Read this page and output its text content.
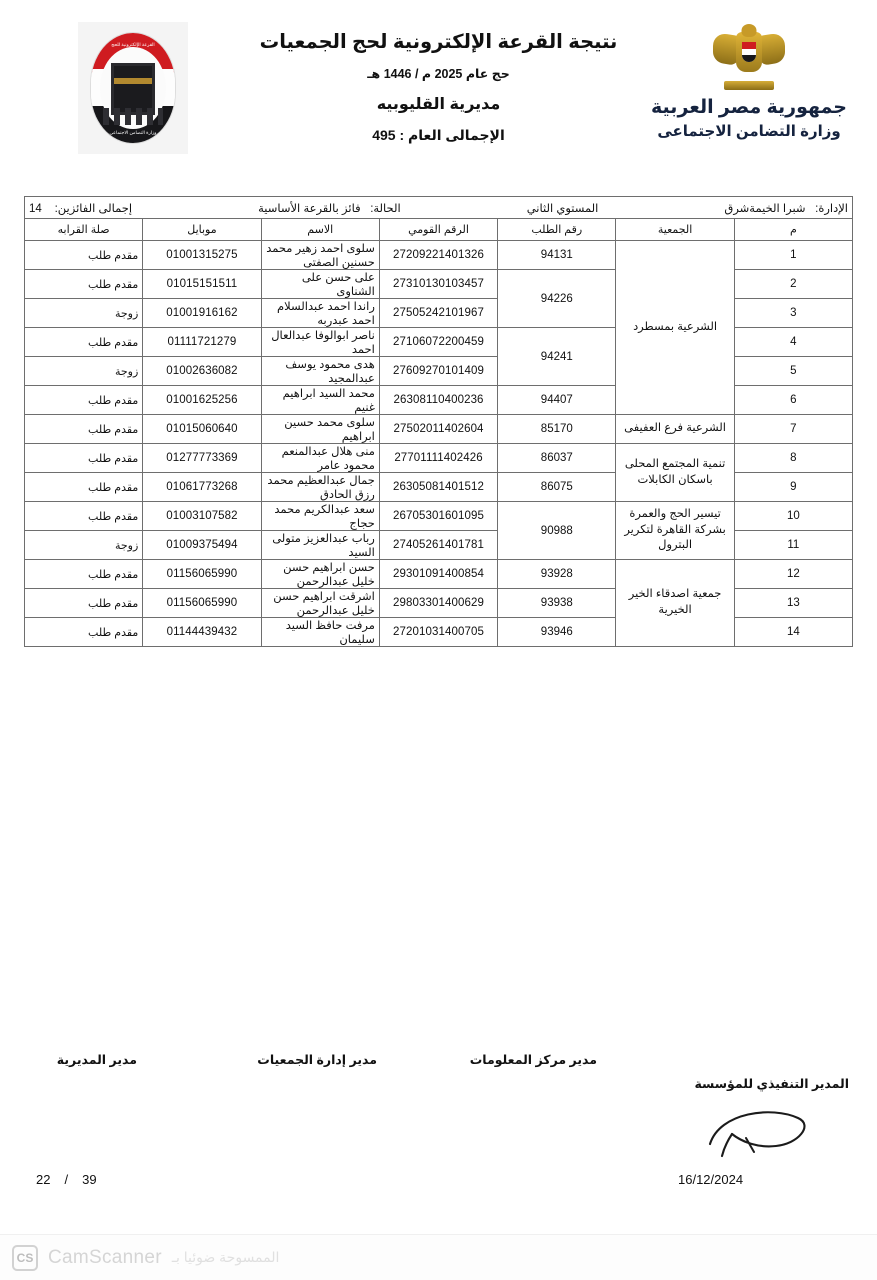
القرعة الإلكترونية للحج
وزارة التضامن الاجتماعى
نتيجة القرعة الإلكترونية لحج الجمعيات
حج عام 2025 م / 1446 هـ
مديرية القليوبيه
الإجمالى العام : 495
جمهورية مصر العربية
وزارة التضامن الاجتماعى
الإدارة:   شبرا الخيمةشرق
المستوي الثاني
الحالة:   فائز بالقرعة الأساسية
إجمالى الفائزين:    14						

م	الجمعية	رقم الطلب	الرقم القومي	الاسم	موبايل	صلة القرابه
1	الشرعية بمسطرد	94131	27209221401326	سلوى احمد زهير محمد حسنين الصفتى	01001315275	مقدم طلب
2		94226	27310130103457	على حسن على الشناوى	01015151511	مقدم طلب
3			27505242101967	راندا احمد عبدالسلام احمد عبدربه	01001916162	زوجة
4		94241	27106072200459	ناصر ابوالوفا عبدالعال احمد	01111721279	مقدم طلب
5			27609270101409	هدى محمود يوسف عبدالمجيد	01002636082	زوجة
6		94407	26308110400236	محمد السيد ابراهيم غنيم	01001625256	مقدم طلب
7	الشرعية فرع العفيفى	85170	27502011402604	سلوى محمد حسين ابراهيم	01015060640	مقدم طلب
8	تنمية المجتمع المحلى باسكان الكابلات	86037	27701111402426	منى هلال عبدالمنعم محمود عامر	01277773369	مقدم طلب
9		86075	26305081401512	جمال عبدالعظيم محمد رزق الحادق	01061773268	مقدم طلب
10	تيسير الحج والعمرة بشركة القاهرة لتكرير البترول	90988	26705301601095	سعد عبدالكريم محمد حجاج	01003107582	مقدم طلب
11			27405261401781	رباب عبدالعزيز متولى السيد	01009375494	زوجة
12	جمعية اصدقاء الخير الخيرية	93928	29301091400854	حسن ابراهيم حسن خليل عبدالرحمن	01156065990	مقدم طلب
13		93938	29803301400629	اشرقت ابراهيم حسن خليل عبدالرحمن	01156065990	مقدم طلب
14		93946	27201031400705	مرفت حافظ السيد سليمان	01144439432	مقدم طلب
مدير المديرية	مدير إدارة الجمعيات	مدير مركز المعلومات
المدير التنفيذي للمؤسسة
22 / 39	16/12/2024
CS CamScanner الممسوحة ضوئيا بـ
